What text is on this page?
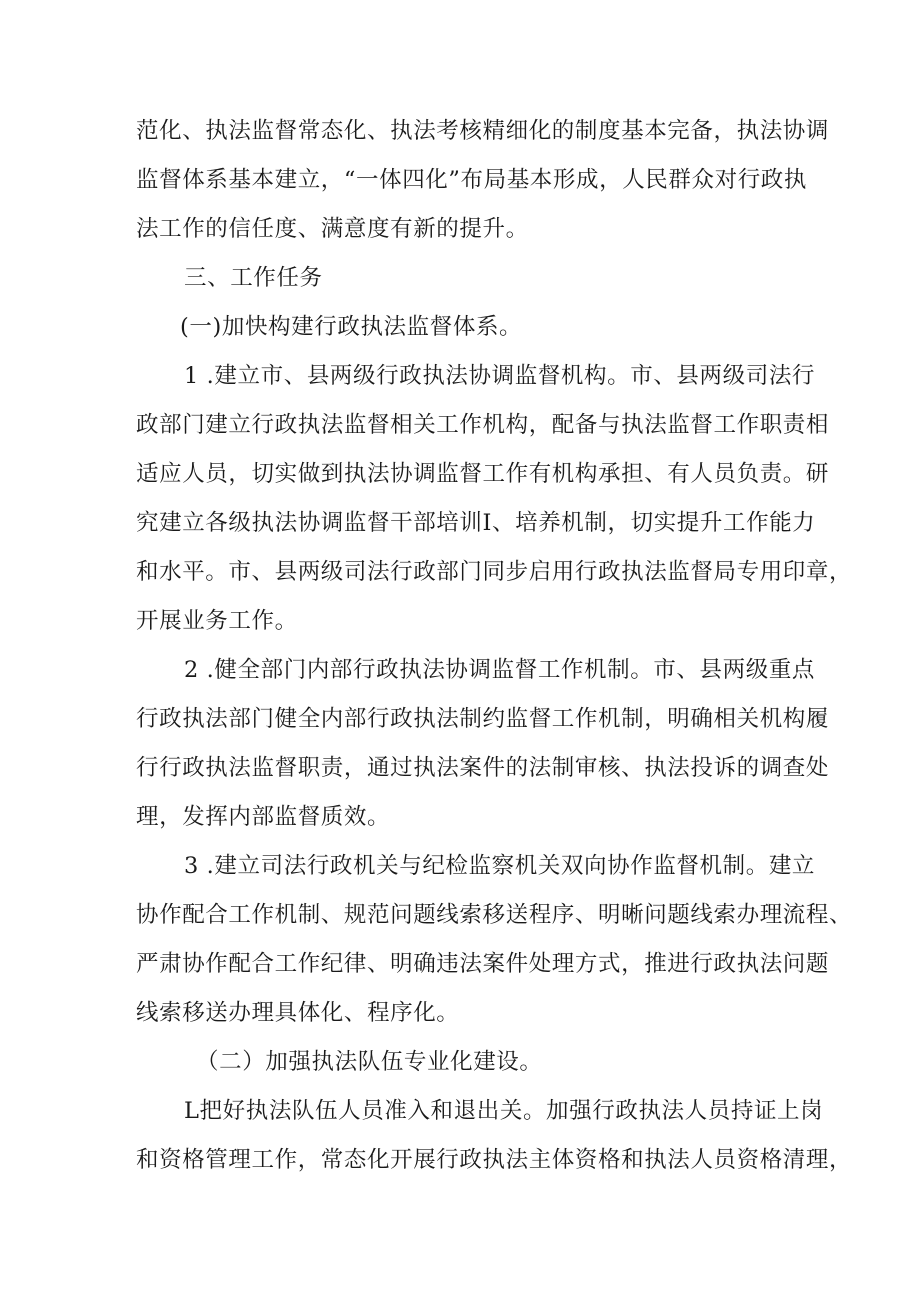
范化、执法监督常态化、执法考核精细化的制度基本完备，执法协调
监督体系基本建立，“一体四化”布局基本形成，人民群众对行政执
法工作的信任度、满意度有新的提升。
三、工作任务
(一)加快构建行政执法监督体系。
1 .建立市、县两级行政执法协调监督机构。市、县两级司法行
政部门建立行政执法监督相关工作机构，配备与执法监督工作职责相
适应人员，切实做到执法协调监督工作有机构承担、有人员负责。研
究建立各级执法协调监督干部培训I、培养机制，切实提升工作能力
和水平。市、县两级司法行政部门同步启用行政执法监督局专用印章，
开展业务工作。
2 .健全部门内部行政执法协调监督工作机制。市、县两级重点
行政执法部门健全内部行政执法制约监督工作机制，明确相关机构履
行行政执法监督职责，通过执法案件的法制审核、执法投诉的调查处
理，发挥内部监督质效。
3 .建立司法行政机关与纪检监察机关双向协作监督机制。建立
协作配合工作机制、规范问题线索移送程序、明晰问题线索办理流程、
严肃协作配合工作纪律、明确违法案件处理方式，推进行政执法问题
线索移送办理具体化、程序化。
（二）加强执法队伍专业化建设。
L把好执法队伍人员准入和退出关。加强行政执法人员持证上岗
和资格管理工作，常态化开展行政执法主体资格和执法人员资格清理，
